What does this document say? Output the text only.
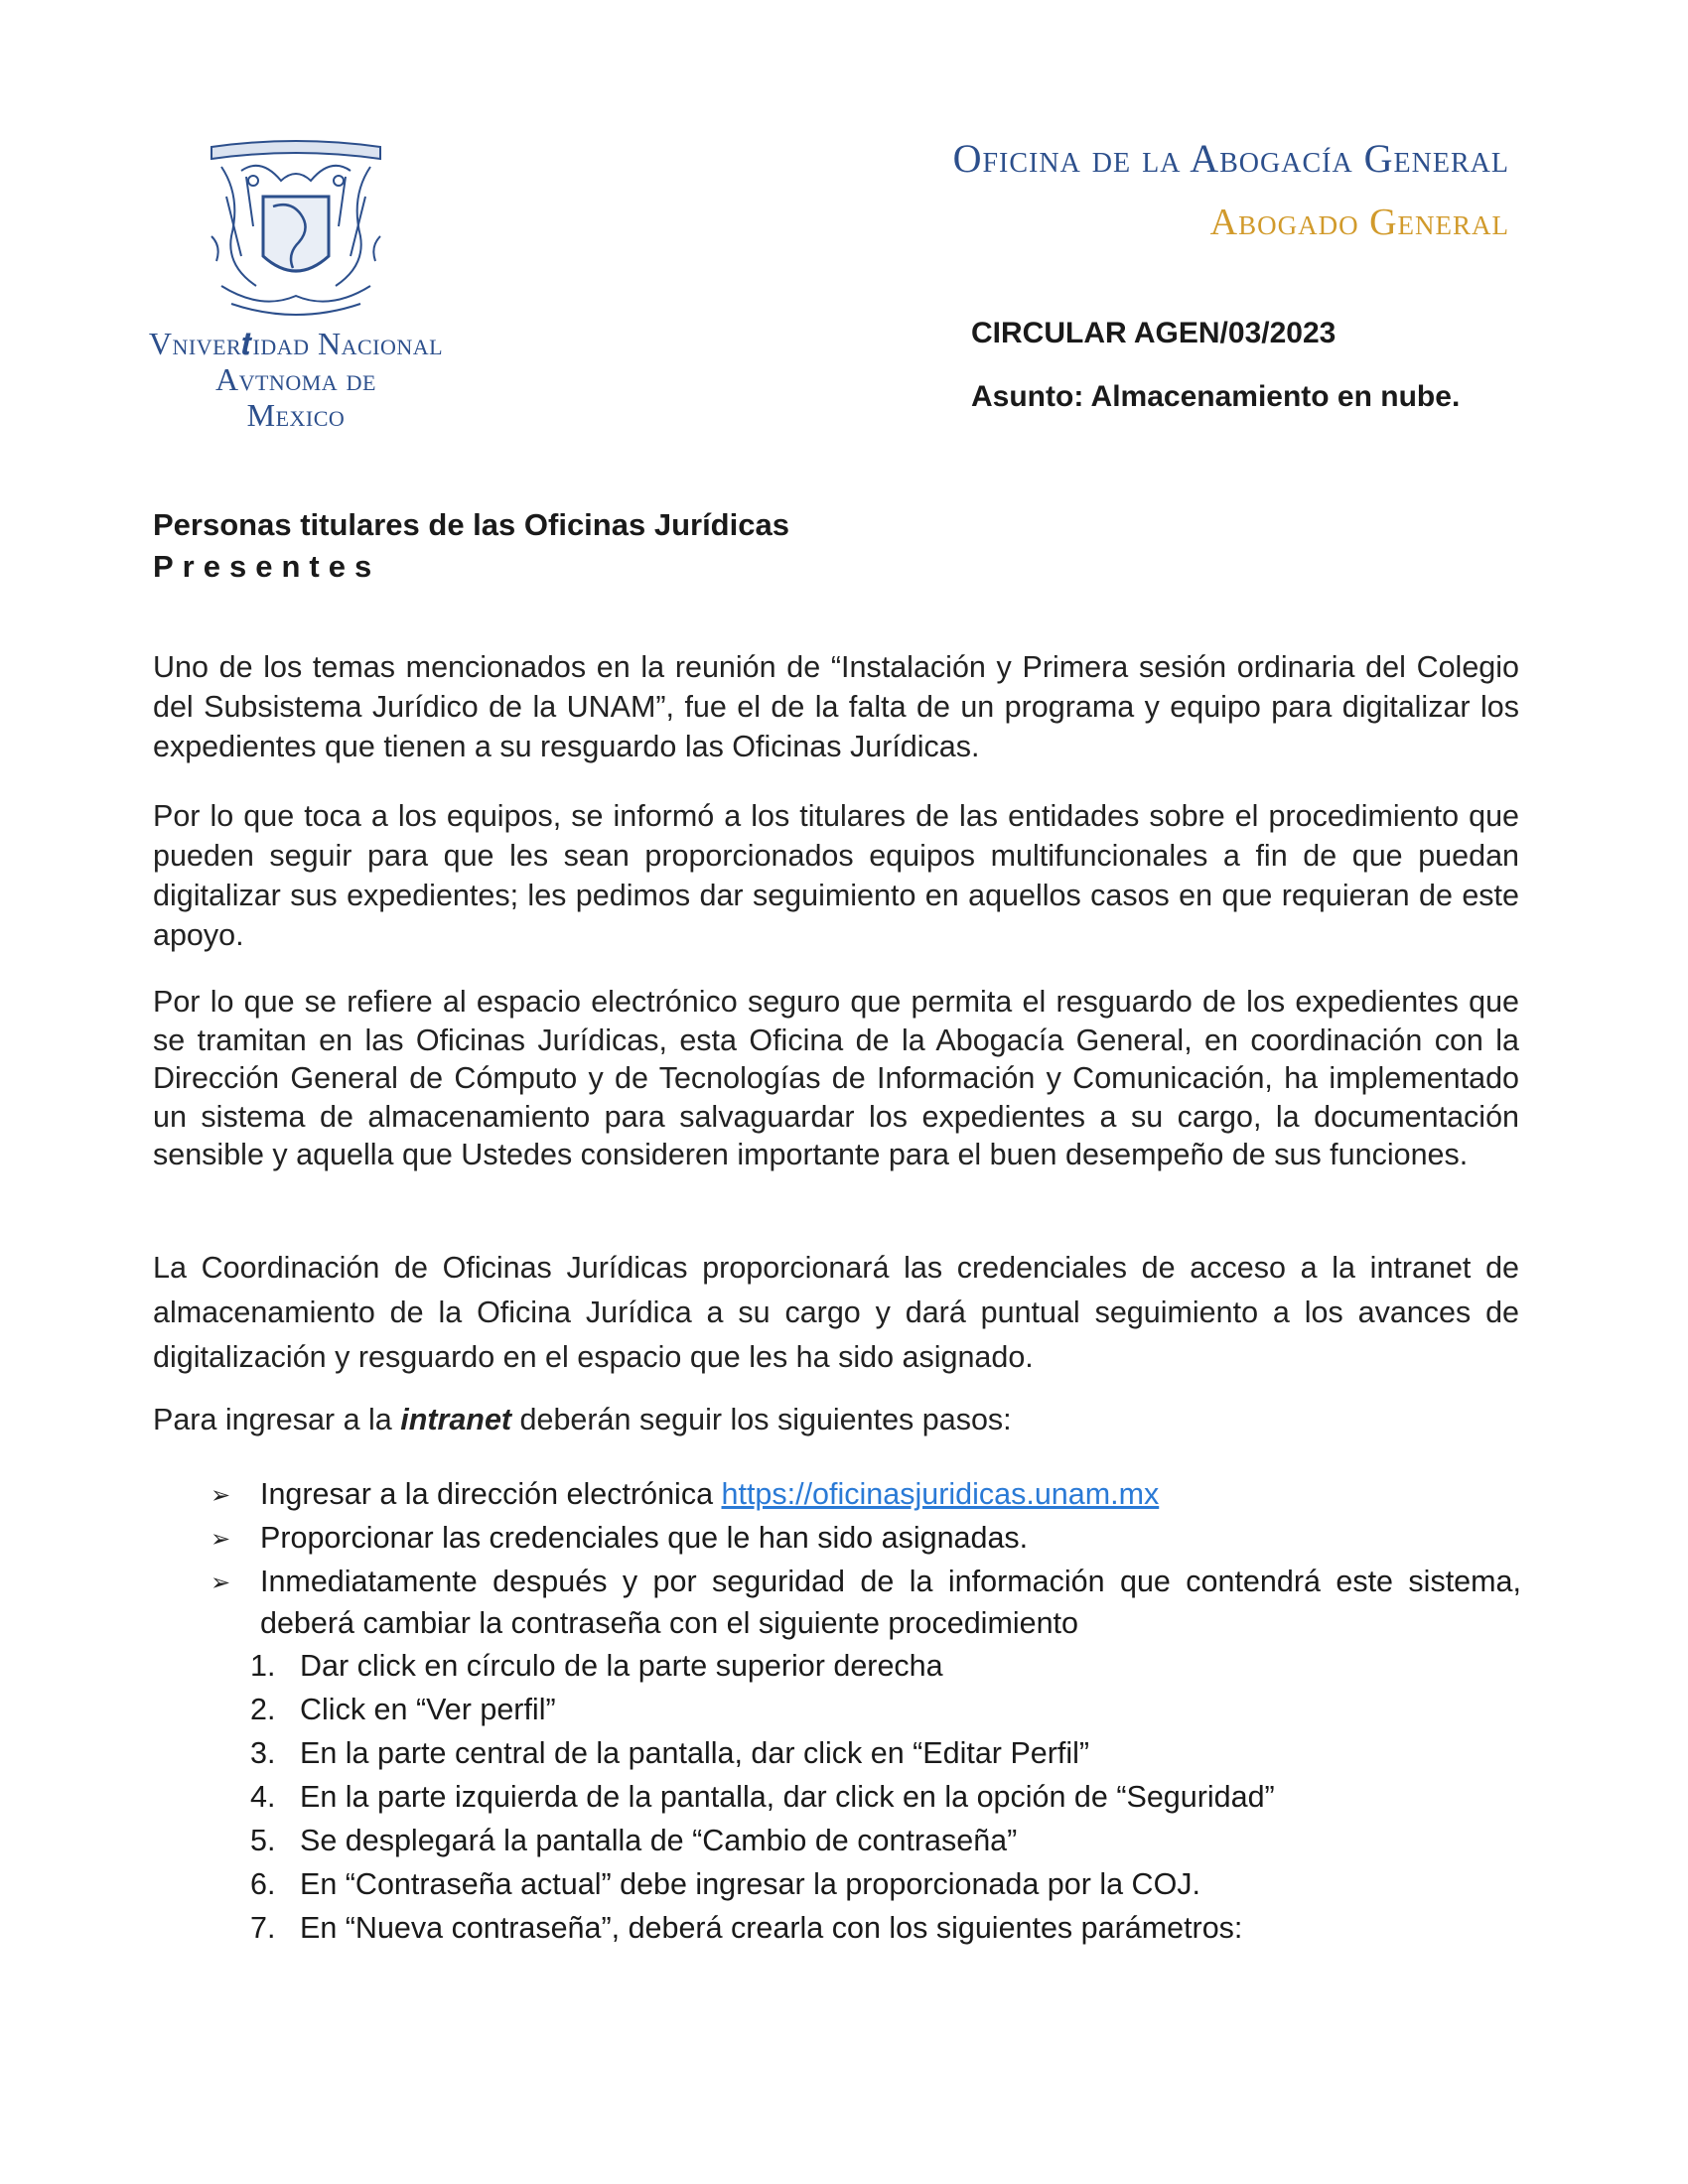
Vniver𝒕idad Nacional
Avtnoma de
Mexico
Oficina de la Abogacía General
Abogado General
CIRCULAR AGEN/03/2023
Asunto: Almacenamiento en nube.
Personas titulares de las Oficinas Jurídicas
Presentes
Uno de los temas mencionados en la reunión de “Instalación y Primera sesión ordinaria del Colegio del Subsistema Jurídico de la UNAM”, fue el de la falta de un programa y equipo para digitalizar los expedientes que tienen a su resguardo las Oficinas Jurídicas.
Por lo que toca a los equipos, se informó a los titulares de las entidades sobre el procedimiento que pueden seguir para que les sean proporcionados equipos multifuncionales a fin de que puedan digitalizar sus expedientes; les pedimos dar seguimiento en aquellos casos en que requieran de este apoyo.
Por lo que se refiere al espacio electrónico seguro que permita el resguardo de los expedientes que se tramitan en las Oficinas Jurídicas, esta Oficina de la Abogacía General, en coordinación con la Dirección General de Cómputo y de Tecnologías de Información y Comunicación, ha implementado un sistema de almacenamiento para salvaguardar los expedientes a su cargo, la documentación sensible y aquella que Ustedes consideren importante para el buen desempeño de sus funciones.
La Coordinación de Oficinas Jurídicas proporcionará las credenciales de acceso a la intranet de almacenamiento de la Oficina Jurídica a su cargo y dará puntual seguimiento a los avances de digitalización y resguardo en el espacio que les ha sido asignado.
Para ingresar a la intranet deberán seguir los siguientes pasos:
➢ Ingresar a la dirección electrónica https://oficinasjuridicas.unam.mx
➢ Proporcionar las credenciales que le han sido asignadas.
➢ Inmediatamente después y por seguridad de la información que contendrá este sistema, deberá cambiar la contraseña con el siguiente procedimiento
1. Dar click en círculo de la parte superior derecha
2. Click en “Ver perfil”
3. En la parte central de la pantalla, dar click en “Editar Perfil”
4. En la parte izquierda de la pantalla, dar click en la opción de “Seguridad”
5. Se desplegará la pantalla de “Cambio de contraseña”
6. En “Contraseña actual” debe ingresar la proporcionada por la COJ.
7. En “Nueva contraseña”, deberá crearla con los siguientes parámetros:
